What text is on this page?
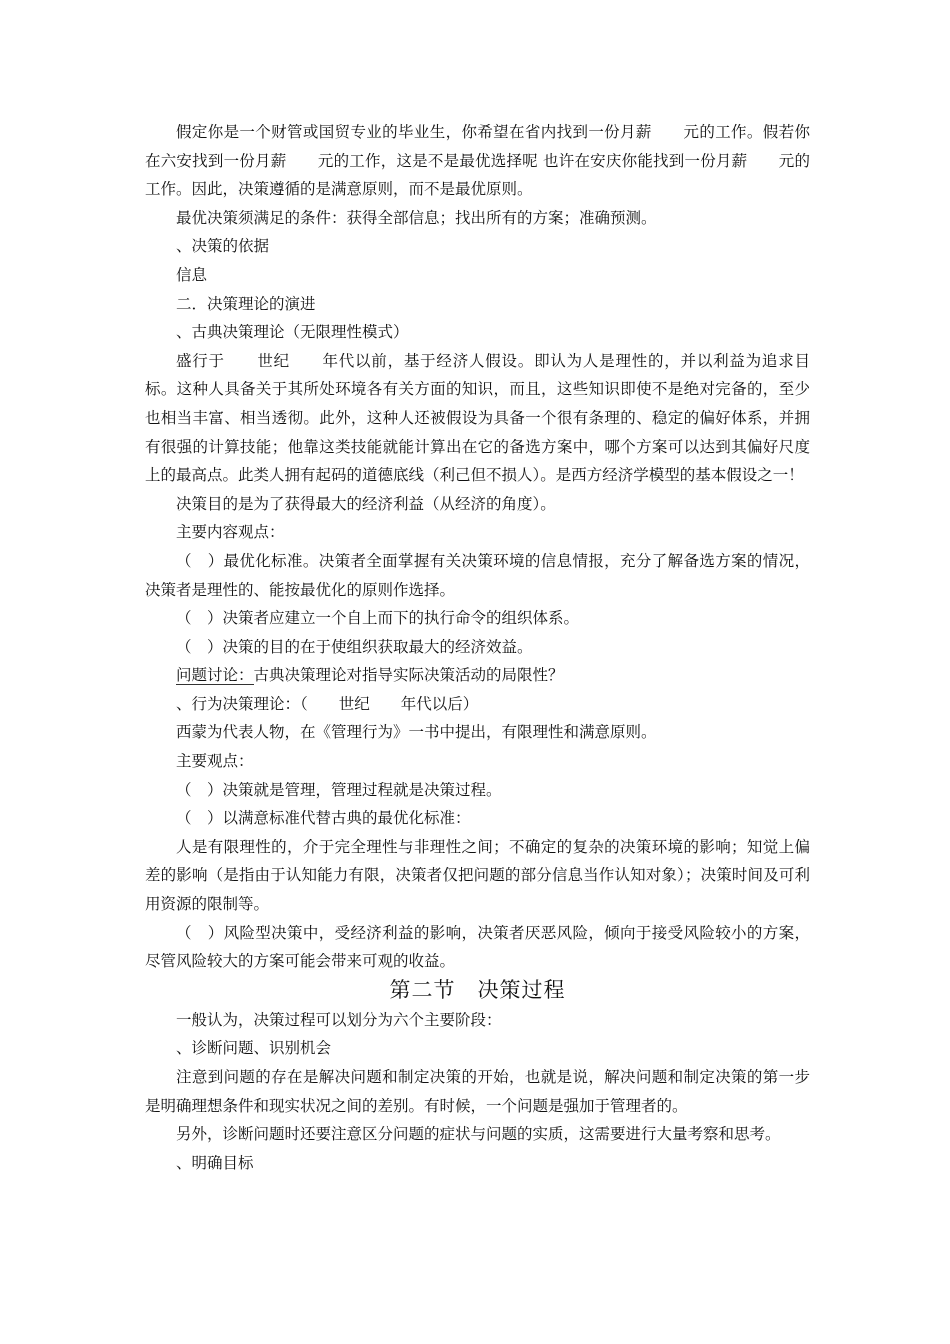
假定你是一个财管或国贸专业的毕业生，你希望在省内找到一份月薪　　元的工作。假若你在六安找到一份月薪　　元的工作，这是不是最优选择呢 也许在安庆你能找到一份月薪　　元的工作。因此，决策遵循的是满意原则，而不是最优原则。

最优决策须满足的条件：获得全部信息；找出所有的方案；准确预测。

、决策的依据

信息

二．决策理论的演进

、古典决策理论（无限理性模式）

盛行于　　世纪　　年代以前，基于经济人假设。即认为人是理性的，并以利益为追求目标。这种人具备关于其所处环境各有关方面的知识，而且，这些知识即使不是绝对完备的，至少也相当丰富、相当透彻。此外，这种人还被假设为具备一个很有条理的、稳定的偏好体系，并拥有很强的计算技能；他靠这类技能就能计算出在它的备选方案中，哪个方案可以达到其偏好尺度上的最高点。此类人拥有起码的道德底线（利己但不损人）。是西方经济学模型的基本假设之一！

决策目的是为了获得最大的经济利益（从经济的角度）。

主要内容观点：

（　）最优化标准。决策者全面掌握有关决策环境的信息情报，充分了解备选方案的情况，决策者是理性的、能按最优化的原则作选择。

（　）决策者应建立一个自上而下的执行命令的组织体系。

（　）决策的目的在于使组织获取最大的经济效益。

问题讨论：古典决策理论对指导实际决策活动的局限性？

、行为决策理论：（　　世纪　　年代以后）

西蒙为代表人物，在《管理行为》一书中提出，有限理性和满意原则。

主要观点：

（　）决策就是管理，管理过程就是决策过程。

（　）以满意标准代替古典的最优化标准：

人是有限理性的，介于完全理性与非理性之间；不确定的复杂的决策环境的影响；知觉上偏差的影响（是指由于认知能力有限，决策者仅把问题的部分信息当作认知对象）；决策时间及可利用资源的限制等。

（　）风险型决策中，受经济利益的影响，决策者厌恶风险，倾向于接受风险较小的方案，尽管风险较大的方案可能会带来可观的收益。

第二节　决策过程

一般认为，决策过程可以划分为六个主要阶段：

、诊断问题、识别机会

注意到问题的存在是解决问题和制定决策的开始，也就是说，解决问题和制定决策的第一步是明确理想条件和现实状况之间的差别。有时候，一个问题是强加于管理者的。

另外，诊断问题时还要注意区分问题的症状与问题的实质，这需要进行大量考察和思考。

、明确目标
